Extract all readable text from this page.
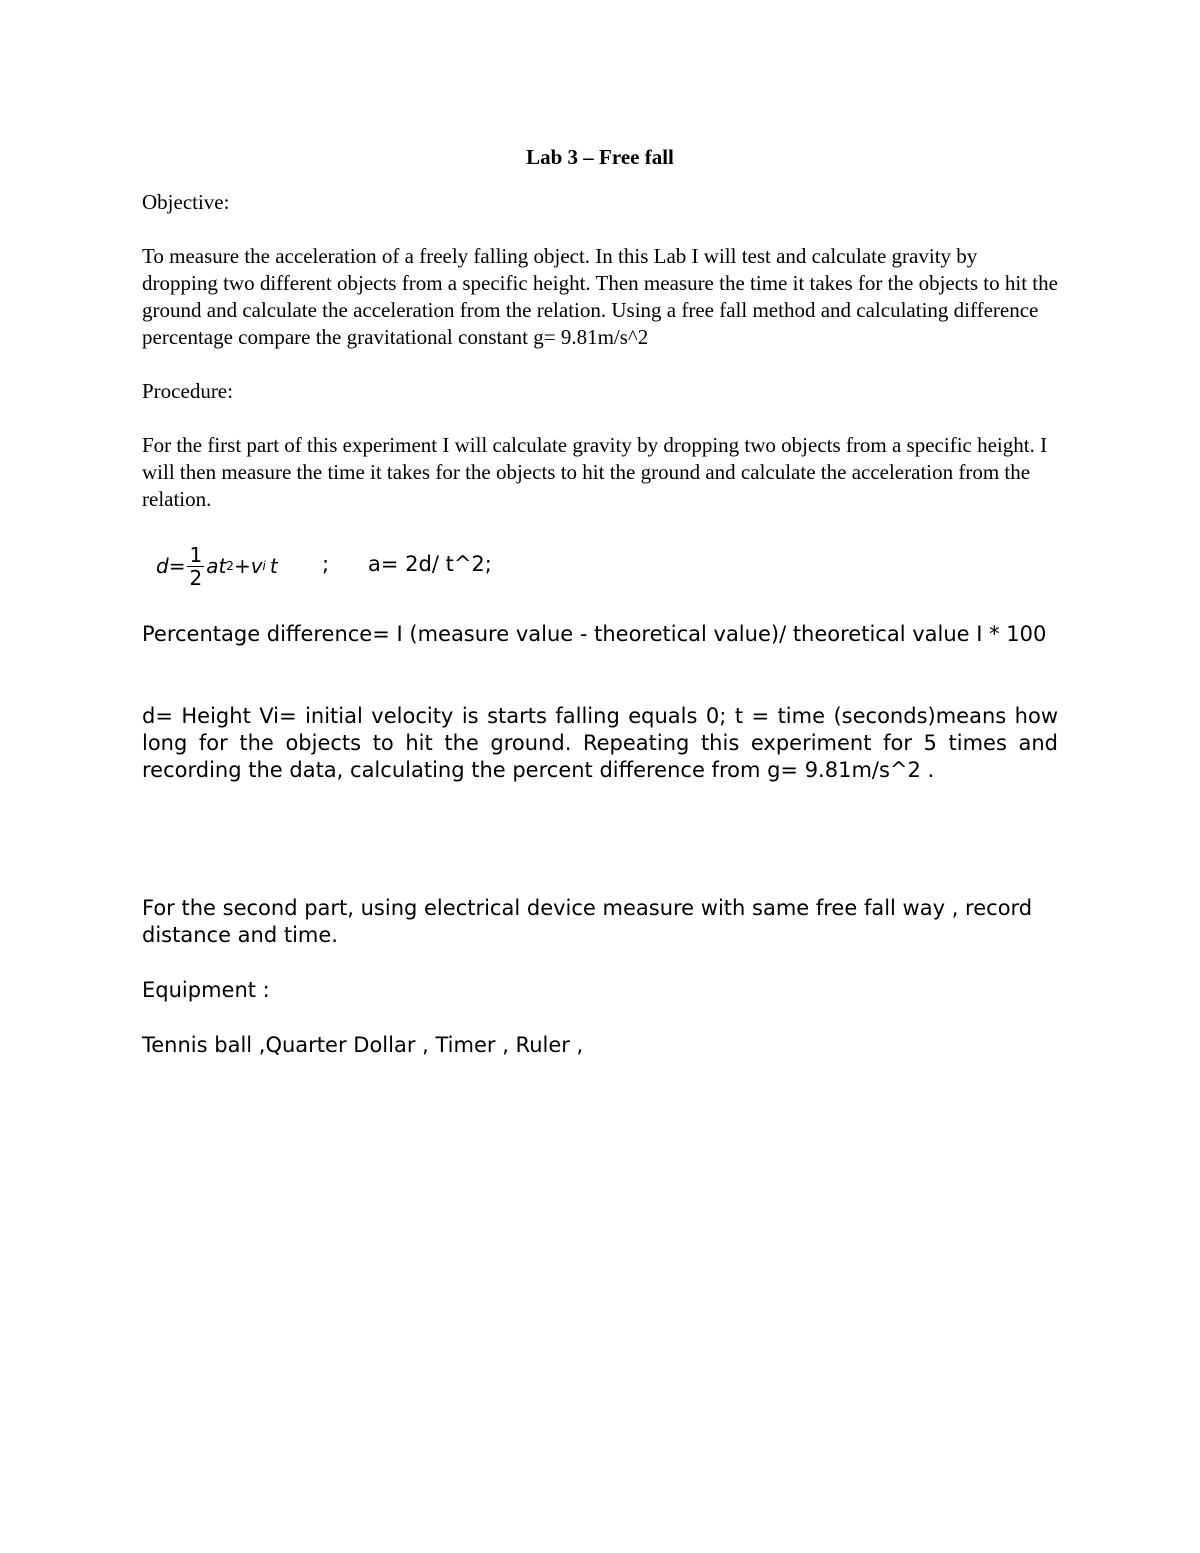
Lab 3 – Free fall

Objective:

To measure the acceleration of a freely falling object. In this Lab I will test and calculate gravity by dropping two different objects from a specific height. Then measure the time it takes for the objects to hit the ground and calculate the acceleration from the relation. Using a free fall method and calculating difference percentage compare the gravitational constant g= 9.81m/s^2

Procedure:

For the first part of this experiment I will calculate gravity by dropping two objects from a specific height. I will then measure the time it takes for the objects to hit the ground and calculate the acceleration from the relation.

$d= \frac{1}{2}$ at 2 + v i t ; a= 2d/ t^2;

Percentage difference= I (measure value - theoretical value)/ theoretical value I * 100

d= Height Vi= initial velocity is starts falling equals 0; t = time (seconds)means how long for the objects to hit the ground. Repeating this experiment for 5 times and recording the data, calculating the percent difference from g= 9.81m/s^2 .

For the second part, using electrical device measure with same free fall way , record distance and time.

Equipment :

Tennis ball ,Quarter Dollar , Timer , Ruler ,
